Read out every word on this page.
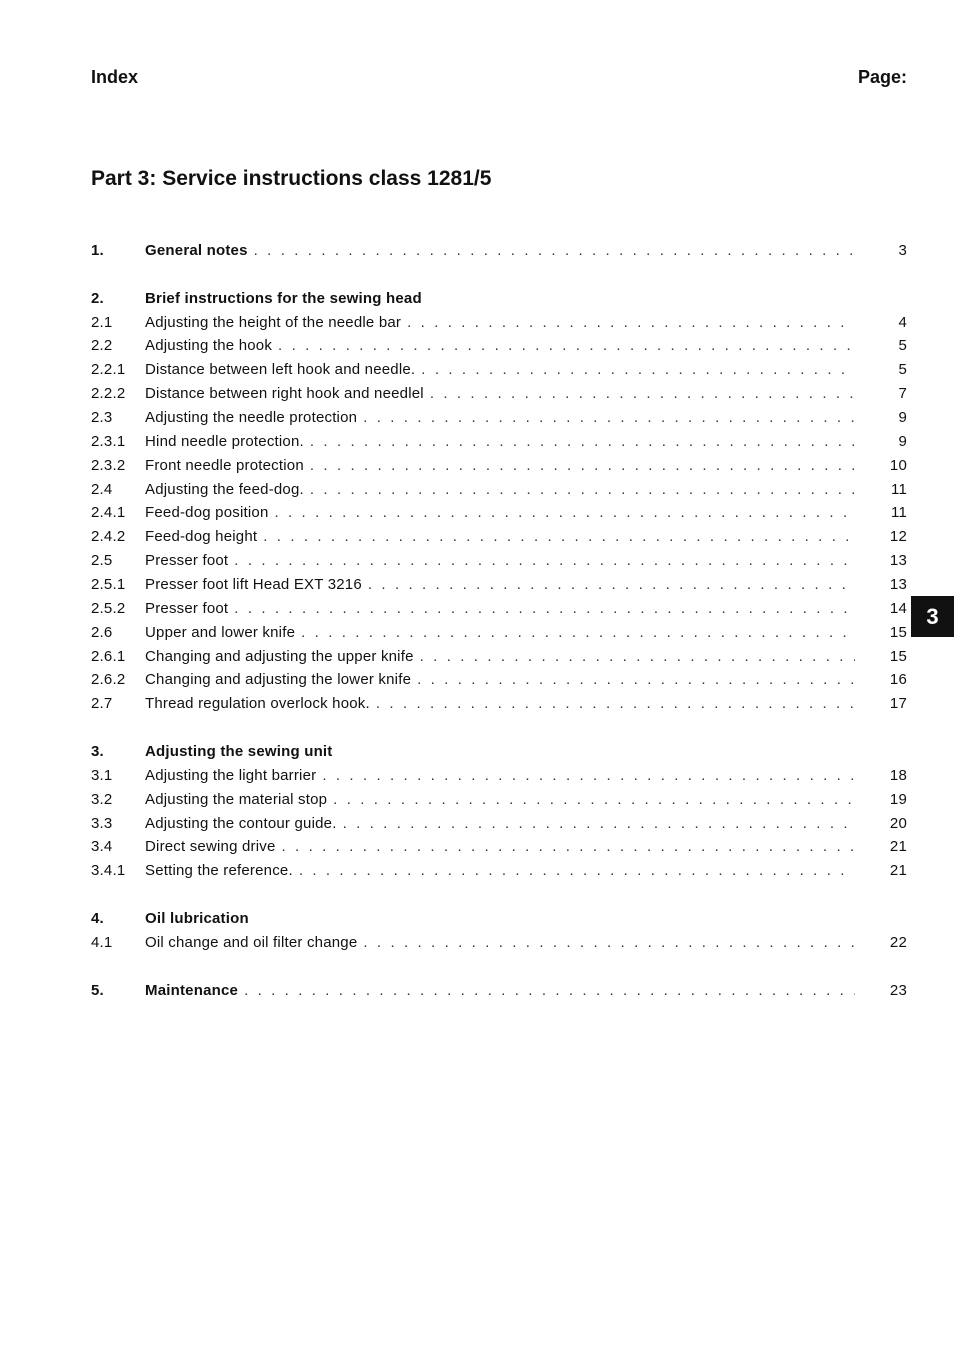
Index	Page:
Part 3: Service instructions class 1281/5
1.	General notes . . .	3
2.	Brief instructions for the sewing head
2.1	Adjusting the height of the needle bar . . .	4
2.2	Adjusting the hook . . .	5
2.2.1	Distance between left hook and needle. . . .	5
2.2.2	Distance between right hook and needlel . . .	7
2.3	Adjusting the needle protection . . .	9
2.3.1	Hind needle protection. . . .	9
2.3.2	Front needle protection . . .	10
2.4	Adjusting the feed-dog. . . .	11
2.4.1	Feed-dog position . . .	11
2.4.2	Feed-dog height . . .	12
2.5	Presser foot . . .	13
2.5.1	Presser foot lift Head EXT 3216 . . .	13
2.5.2	Presser foot . . .	14
2.6	Upper and lower knife . . .	15
2.6.1	Changing and adjusting the upper knife . . .	15
2.6.2	Changing and adjusting the lower knife . . .	16
2.7	Thread regulation overlock hook. . . .	17
3.	Adjusting the sewing unit
3.1	Adjusting the light barrier . . .	18
3.2	Adjusting the material stop . . .	19
3.3	Adjusting the contour guide. . . .	20
3.4	Direct sewing drive . . .	21
3.4.1	Setting the reference. . . .	21
4.	Oil lubrication
4.1	Oil change and oil filter change . . .	22
5.	Maintenance . . .	23
3
